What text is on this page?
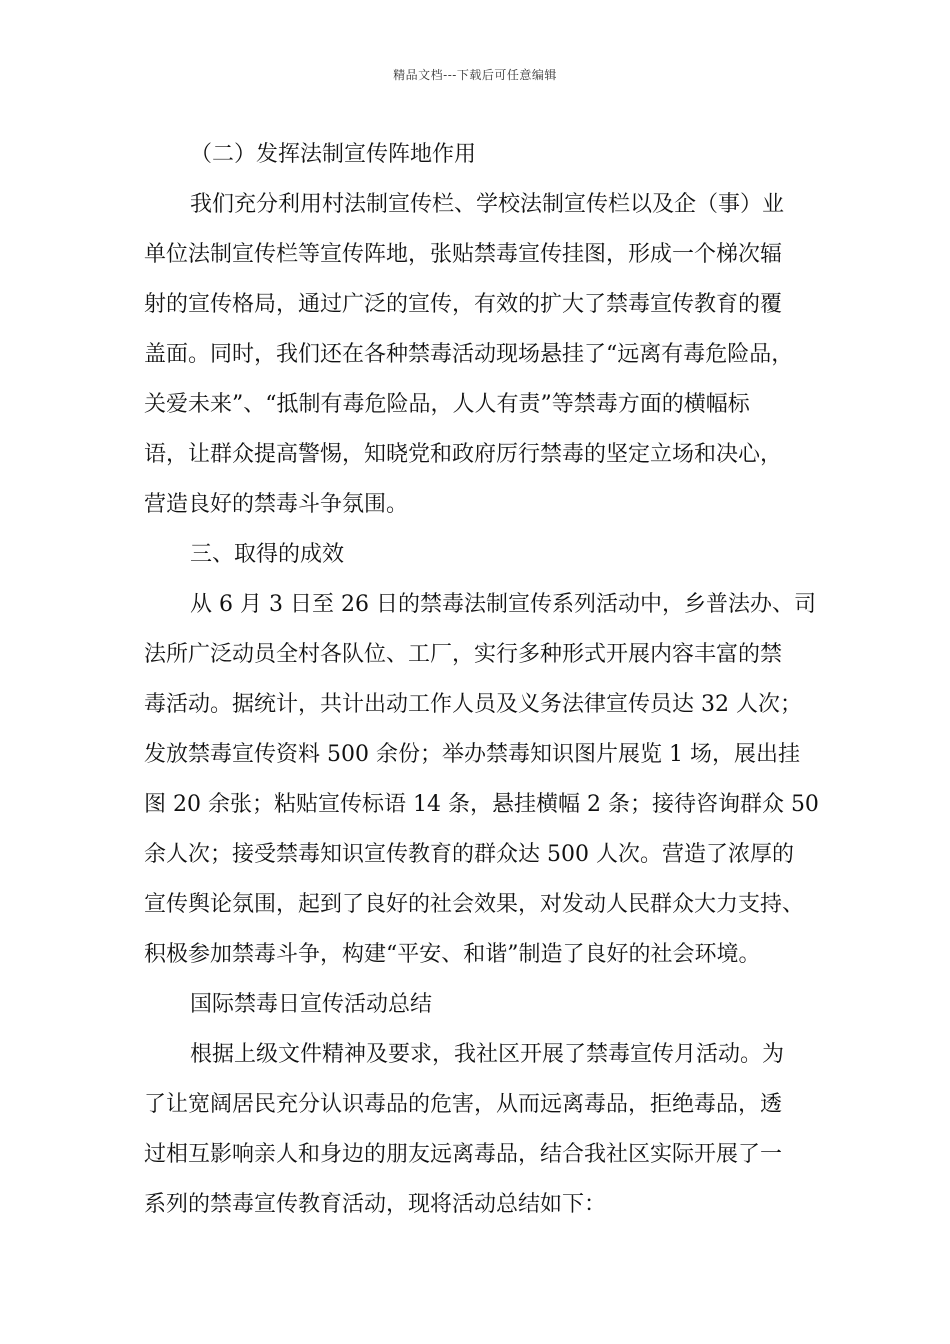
精品文档---下载后可任意编辑
（二）发挥法制宣传阵地作用
我们充分利用村法制宣传栏、学校法制宣传栏以及企（事）业
单位法制宣传栏等宣传阵地，张贴禁毒宣传挂图，形成一个梯次辐
射的宣传格局，通过广泛的宣传，有效的扩大了禁毒宣传教育的覆
盖面。同时，我们还在各种禁毒活动现场悬挂了“远离有毒危险品，
关爱未来”、“抵制有毒危险品，人人有责”等禁毒方面的横幅标
语，让群众提高警惕，知晓党和政府厉行禁毒的坚定立场和决心，
营造良好的禁毒斗争氛围。
三、取得的成效
从 6 月 3 日至 26 日的禁毒法制宣传系列活动中，乡普法办、司
法所广泛动员全村各队位、工厂，实行多种形式开展内容丰富的禁
毒活动。据统计，共计出动工作人员及义务法律宣传员达 32 人次；
发放禁毒宣传资料 500 余份；举办禁毒知识图片展览 1 场，展出挂
图 20 余张；粘贴宣传标语 14 条，悬挂横幅 2 条；接待咨询群众 50
余人次；接受禁毒知识宣传教育的群众达 500 人次。营造了浓厚的
宣传舆论氛围，起到了良好的社会效果，对发动人民群众大力支持、
积极参加禁毒斗争，构建“平安、和谐”制造了良好的社会环境。
国际禁毒日宣传活动总结
根据上级文件精神及要求，我社区开展了禁毒宣传月活动。为
了让宽阔居民充分认识毒品的危害，从而远离毒品，拒绝毒品，透
过相互影响亲人和身边的朋友远离毒品，结合我社区实际开展了一
系列的禁毒宣传教育活动，现将活动总结如下：
